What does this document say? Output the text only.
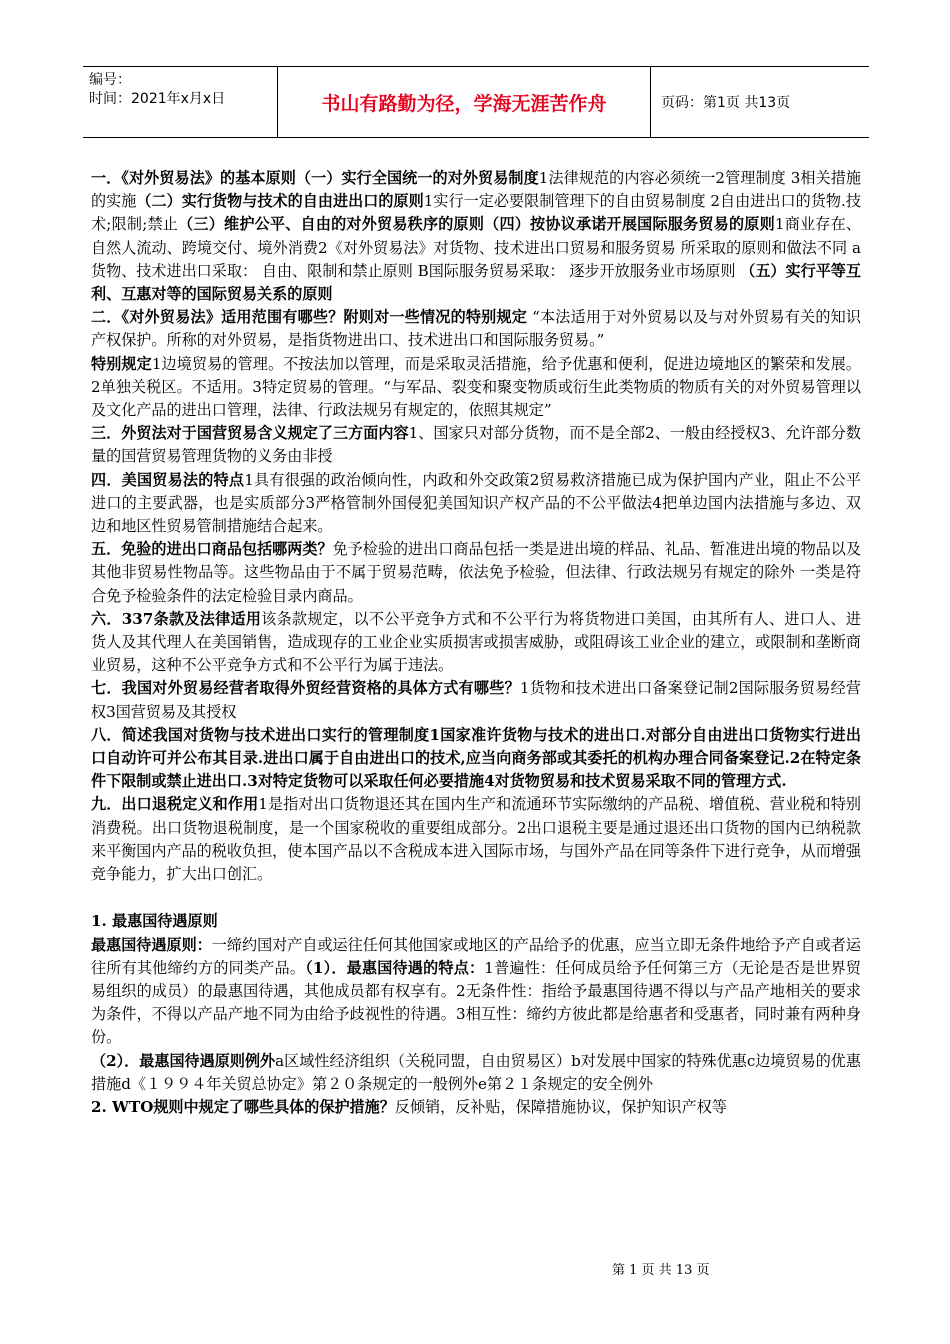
编号：
时间：2021年x月x日	书山有路勤为径，学海无涯苦作舟	页码：第1页 共13页

一．《对外贸易法》的基本原则（一）实行全国统一的对外贸易制度1法律规范的内容必须统一2管理制度 3相关措施的实施（二）实行货物与技术的自由进出口的原则1实行一定必要限制管理下的自由贸易制度 2自由进出口的货物.技术;限制;禁止（三）维护公平、自由的对外贸易秩序的原则（四）按协议承诺开展国际服务贸易的原则1商业存在、自然人流动、跨境交付、境外消费2《对外贸易法》对货物、技术进出口贸易和服务贸易 所采取的原则和做法不同 a货物、技术进出口采取： 自由、限制和禁止原则 B国际服务贸易采取： 逐步开放服务业市场原则 （五）实行平等互利、互惠对等的国际贸易关系的原则

二．《对外贸易法》适用范围有哪些？附则对一些情况的特别规定 “本法适用于对外贸易以及与对外贸易有关的知识产权保护。所称的对外贸易，是指货物进出口、技术进出口和国际服务贸易。”

特别规定1边境贸易的管理。不按法加以管理，而是采取灵活措施，给予优惠和便利，促进边境地区的繁荣和发展。2单独关税区。不适用。3特定贸易的管理。“与军品、裂变和聚变物质或衍生此类物质的物质有关的对外贸易管理以及文化产品的进出口管理，法律、行政法规另有规定的，依照其规定”

三．外贸法对于国营贸易含义规定了三方面内容1、国家只对部分货物，而不是全部2、一般由经授权3、允许部分数量的国营贸易管理货物的义务由非授

四．美国贸易法的特点1具有很强的政治倾向性，内政和外交政策2贸易救济措施已成为保护国内产业，阻止不公平进口的主要武器，也是实质部分3严格管制外国侵犯美国知识产权产品的不公平做法4把单边国内法措施与多边、双边和地区性贸易管制措施结合起来。

五．免验的进出口商品包括哪两类？免予检验的进出口商品包括一类是进出境的样品、礼品、暂准进出境的物品以及其他非贸易性物品等。这些物品由于不属于贸易范畴，依法免予检验，但法律、行政法规另有规定的除外 一类是符合免予检验条件的法定检验目录内商品。

六．337条款及法律适用该条款规定，以不公平竞争方式和不公平行为将货物进口美国，由其所有人、进口人、进货人及其代理人在美国销售，造成现存的工业企业实质损害或损害威胁，或阻碍该工业企业的建立，或限制和垄断商业贸易，这种不公平竞争方式和不公平行为属于违法。

七．我国对外贸易经营者取得外贸经营资格的具体方式有哪些？1货物和技术进出口备案登记制2国际服务贸易经营权3国营贸易及其授权

八．简述我国对货物与技术进出口实行的管理制度1国家准许货物与技术的进出口.对部分自由进出口货物实行进出口自动许可并公布其目录.进出口属于自由进出口的技术,应当向商务部或其委托的机构办理合同备案登记.2在特定条件下限制或禁止进出口.3对特定货物可以采取任何必要措施4对货物贸易和技术贸易采取不同的管理方式.

九．出口退税定义和作用1是指对出口货物退还其在国内生产和流通环节实际缴纳的产品税、增值税、营业税和特别消费税。出口货物退税制度，是一个国家税收的重要组成部分。2出口退税主要是通过退还出口货物的国内已纳税款来平衡国内产品的税收负担，使本国产品以不含税成本进入国际市场，与国外产品在同等条件下进行竞争，从而增强竞争能力，扩大出口创汇。

1. 最惠国待遇原则

最惠国待遇原则：一缔约国对产自或运往任何其他国家或地区的产品给予的优惠，应当立即无条件地给予产自或者运往所有其他缔约方的同类产品。（1）．最惠国待遇的特点：1普遍性：任何成员给予任何第三方（无论是否是世界贸易组织的成员）的最惠国待遇，其他成员都有权享有。2无条件性：指给予最惠国待遇不得以与产品产地相关的要求为条件，不得以产品产地不同为由给予歧视性的待遇。3相互性：缔约方彼此都是给惠者和受惠者，同时兼有两种身份。

（2）．最惠国待遇原则例外a区域性经济组织（关税同盟，自由贸易区）b对发展中国家的特殊优惠c边境贸易的优惠措施d《１９９４年关贸总协定》第２０条规定的一般例外e第２１条规定的安全例外

2. WTO规则中规定了哪些具体的保护措施？反倾销，反补贴，保障措施协议，保护知识产权等

第 1 页 共 13 页
